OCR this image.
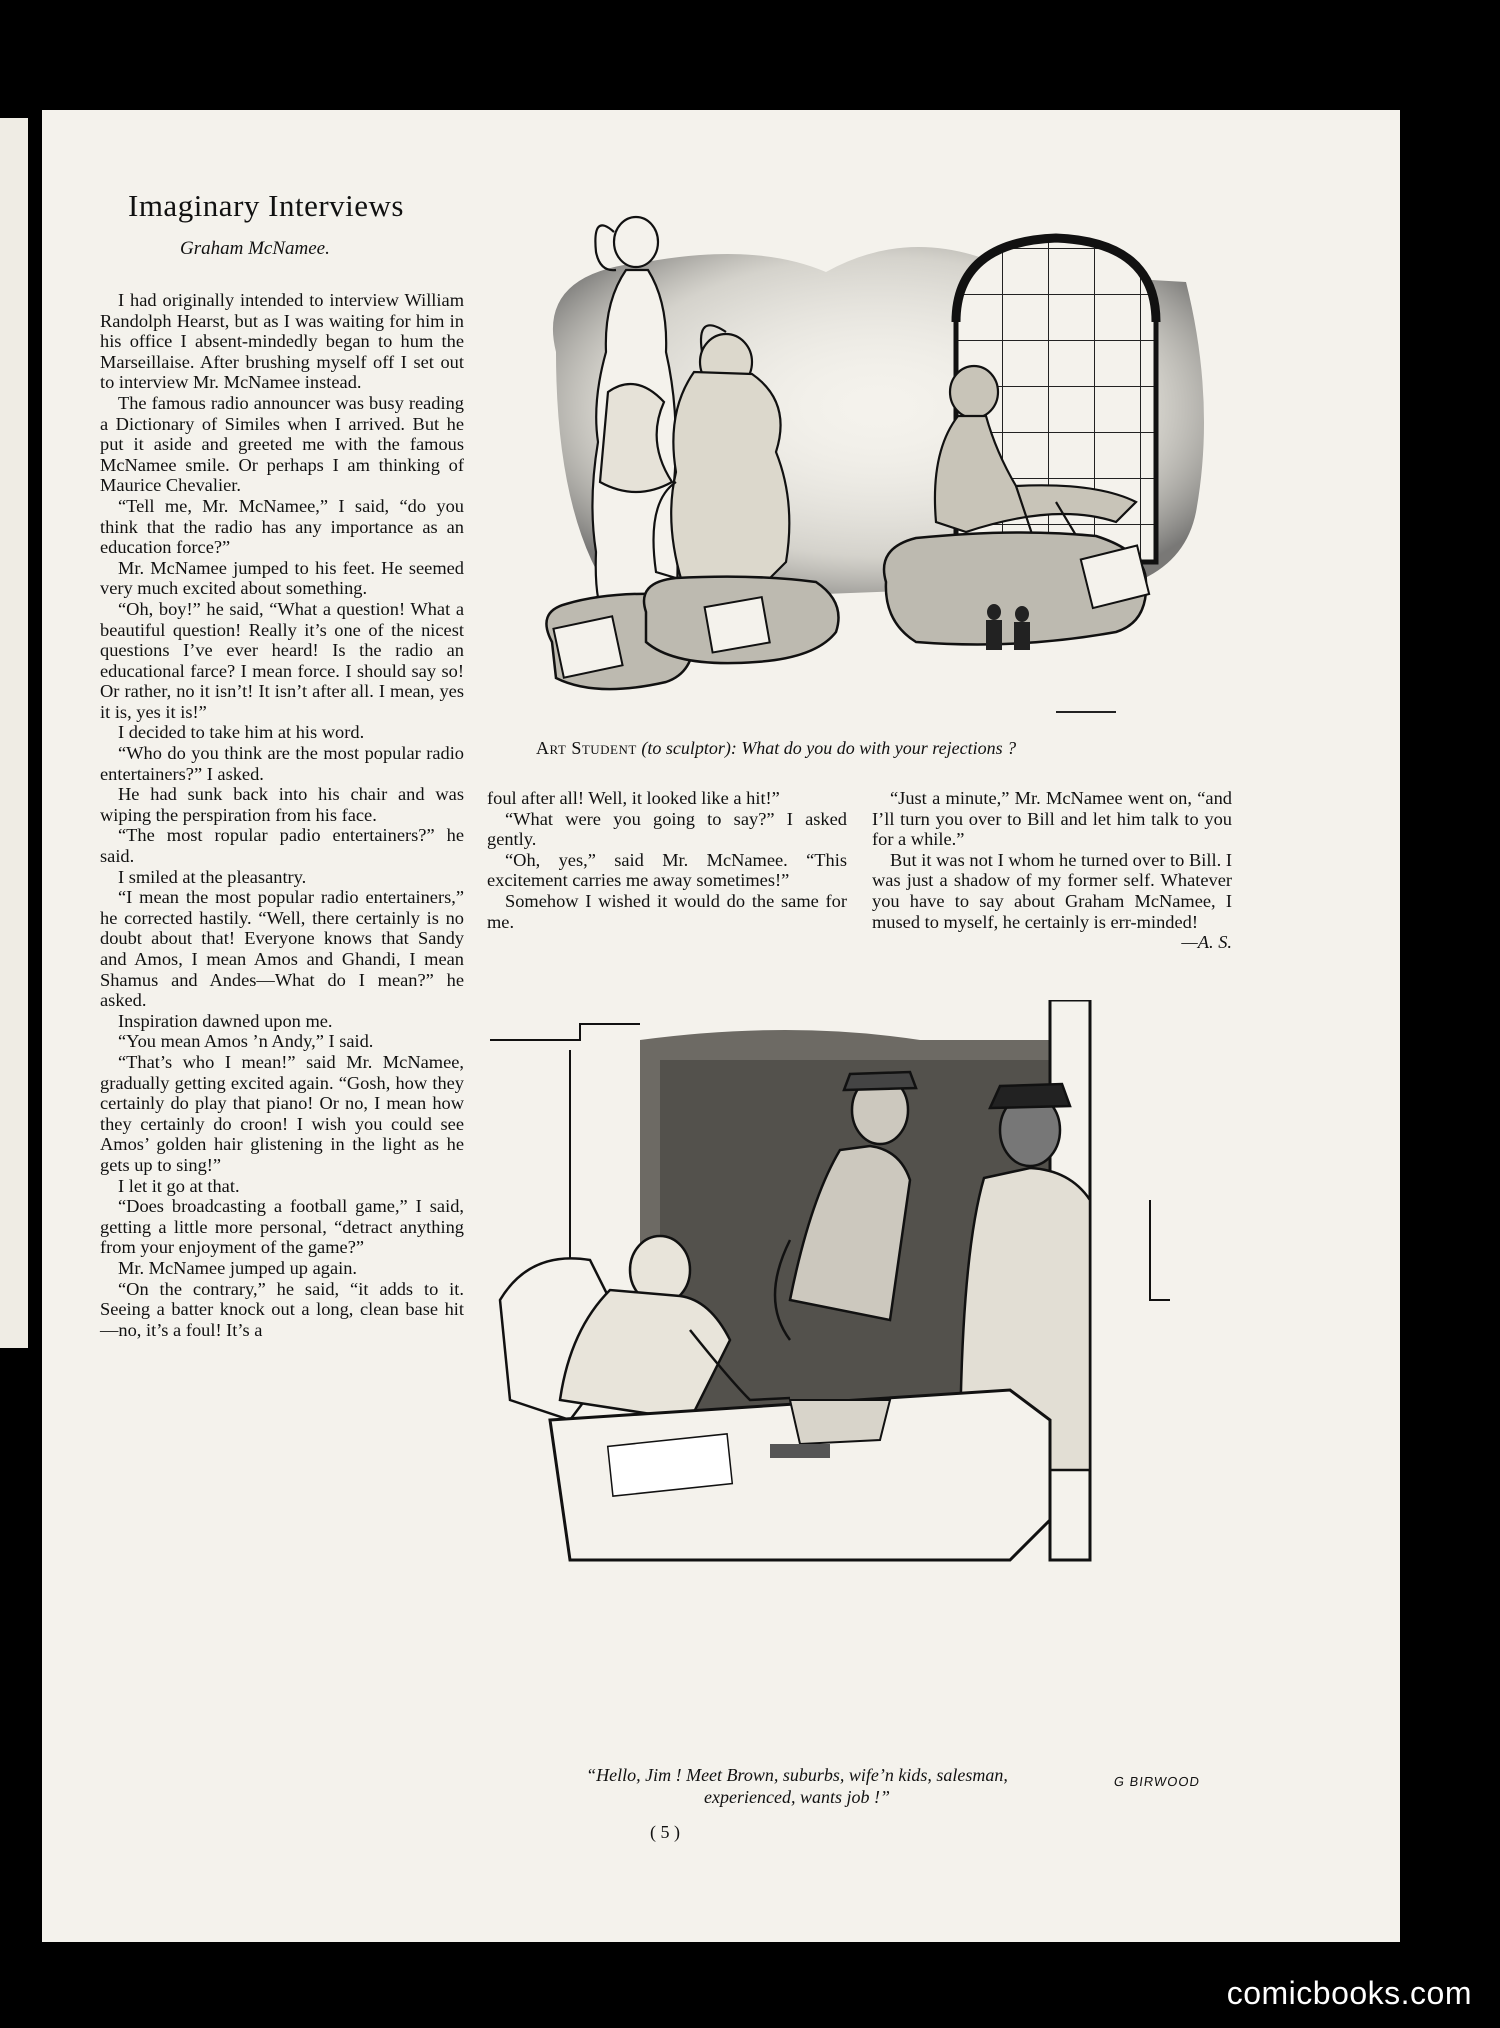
Imaginary Interviews
Graham McNamee.

I had originally intended to interview William Randolph Hearst, but as I was waiting for him in his office I absent-mindedly began to hum the Marseillaise. After brushing myself off I set out to interview Mr. McNamee instead.

The famous radio announcer was busy reading a Dictionary of Similes when I arrived. But he put it aside and greeted me with the famous McNamee smile. Or perhaps I am thinking of Maurice Chevalier.

“Tell me, Mr. McNamee,” I said, “do you think that the radio has any importance as an education force?”

Mr. McNamee jumped to his feet. He seemed very much excited about something.

“Oh, boy!” he said, “What a question! What a beautiful question! Really it’s one of the nicest questions I’ve ever heard! Is the radio an educational farce? I mean force. I should say so! Or rather, no it isn’t! It isn’t after all. I mean, yes it is, yes it is!”

I decided to take him at his word.

“Who do you think are the most popular radio entertainers?” I asked.

He had sunk back into his chair and was wiping the perspiration from his face.

“The most ropular padio entertainers?” he said.

I smiled at the pleasantry.

“I mean the most popular radio entertainers,” he corrected hastily. “Well, there certainly is no doubt about that! Everyone knows that Sandy and Amos, I mean Amos and Ghandi, I mean Shamus and Andes—What do I mean?” he asked.

Inspiration dawned upon me.

“You mean Amos ’n Andy,” I said.

“That’s who I mean!” said Mr. McNamee, gradually getting excited again. “Gosh, how they certainly do play that piano! Or no, I mean how they certainly do croon! I wish you could see Amos’ golden hair glistening in the light as he gets up to sing!”

I let it go at that.

“Does broadcasting a football game,” I said, getting a little more personal, “detract anything from your enjoyment of the game?”

Mr. McNamee jumped up again.

“On the contrary,” he said, “it adds to it. Seeing a batter knock out a long, clean base hit—no, it’s a foul! It’s a

Art Student (to sculptor): What do you do with your rejections ?

foul after all! Well, it looked like a hit!”

“What were you going to say?” I asked gently.

“Oh, yes,” said Mr. McNamee. “This excitement carries me away sometimes!”

Somehow I wished it would do the same for me.

“Just a minute,” Mr. McNamee went on, “and I’ll turn you over to Bill and let him talk to you for a while.”

But it was not I whom he turned over to Bill. I was just a shadow of my former self. Whatever you have to say about Graham McNamee, I mused to myself, he certainly is err-minded!

—A. S.
“Hello, Jim ! Meet Brown, suburbs, wife’n kids, salesman,
experienced, wants job !”
G BIRWOOD
( 5 )
comicbooks.com
